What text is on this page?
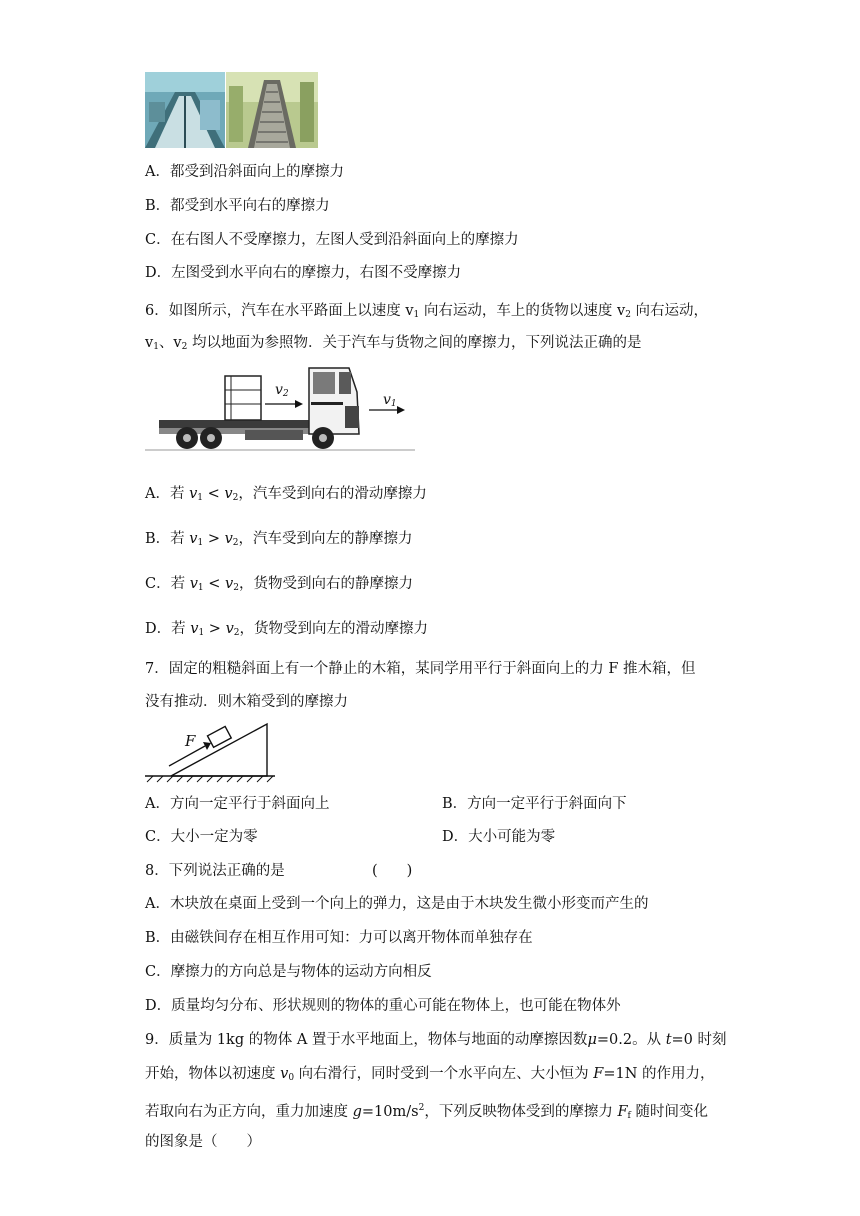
A．都受到沿斜面向上的摩擦力
B．都受到水平向右的摩擦力
C．在右图人不受摩擦力，左图人受到沿斜面向上的摩擦力
D．左图受到水平向右的摩擦力，右图不受摩擦力
6．如图所示，汽车在水平路面上以速度 $v_1$ 向右运动，车上的货物以速度 $v_2$ 向右运动，
$v_1$、$v_2$ 均以地面为参照物．关于汽车与货物之间的摩擦力，下列说法正确的是
$v_2$	$v_1$
A．若 $v_1 < v_2$，汽车受到向右的滑动摩擦力
B．若 $v_1 > v_2$，汽车受到向左的静摩擦力
C．若 $v_1 < v_2$，货物受到向右的静摩擦力
D．若 $v_1 > v_2$，货物受到向左的滑动摩擦力
7．固定的粗糙斜面上有一个静止的木箱，某同学用平行于斜面向上的力 F 推木箱，但
没有推动．则木箱受到的摩擦力
F
A．方向一定平行于斜面向上	B．方向一定平行于斜面向下
C．大小一定为零	D．大小可能为零
8．下列说法正确的是	(　　)
A．木块放在桌面上受到一个向上的弹力，这是由于木块发生微小形变而产生的
B．由磁铁间存在相互作用可知：力可以离开物体而单独存在
C．摩擦力的方向总是与物体的运动方向相反
D．质量均匀分布、形状规则的物体的重心可能在物体上，也可能在物体外
9．质量为 1kg 的物体 A 置于水平地面上，物体与地面的动摩擦因数μ=0.2。从 t=0 时刻
开始，物体以初速度 $v_0$ 向右滑行，同时受到一个水平向左、大小恒为 F=1N 的作用力，
若取向右为正方向，重力加速度 $g=10m/s^2$，下列反映物体受到的摩擦力 $F_f$ 随时间变化
的图象是（　　）
